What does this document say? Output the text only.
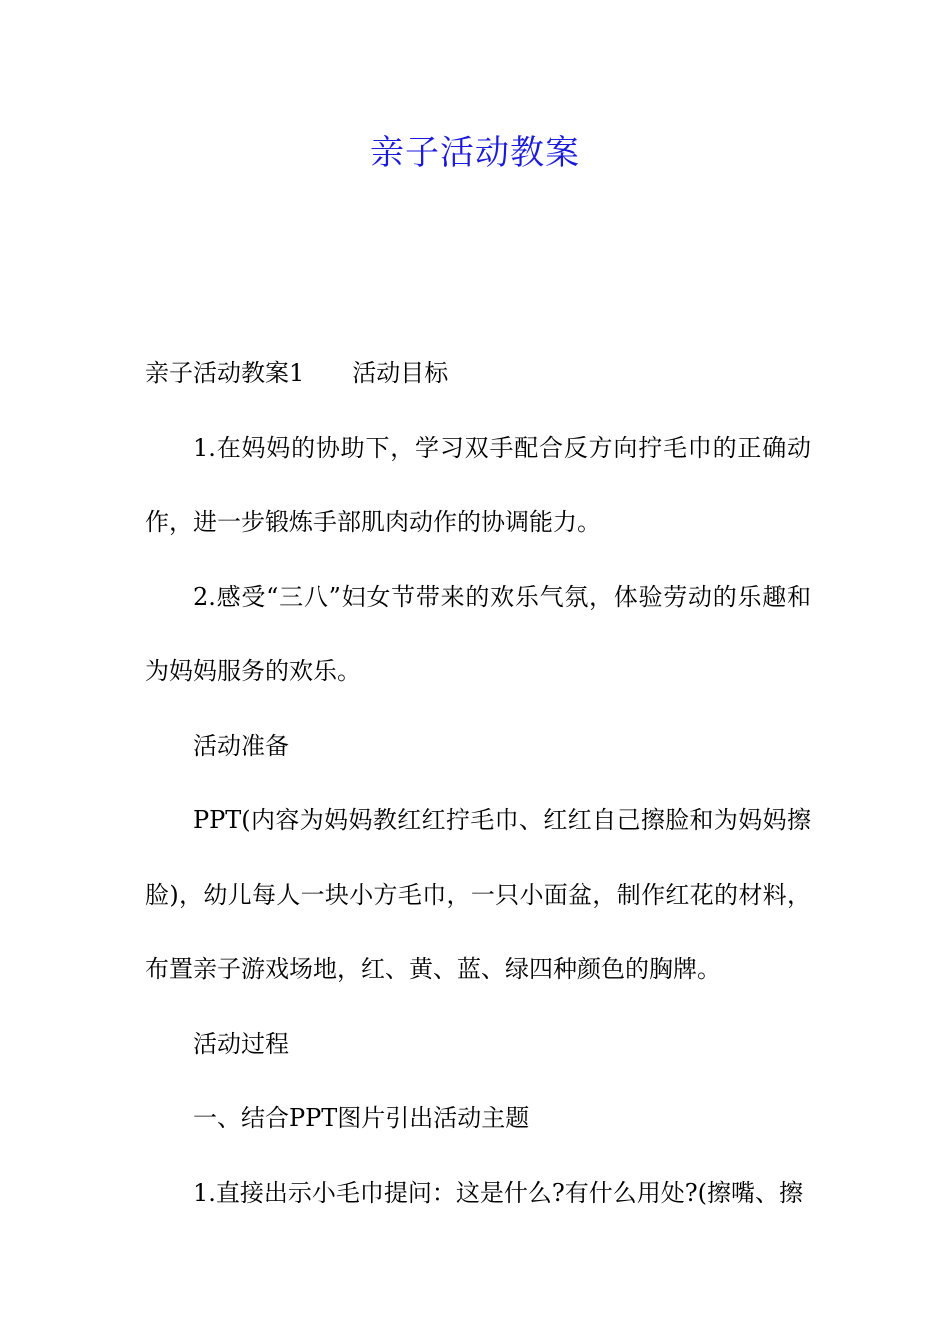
亲子活动教案

亲子活动教案1 活动目标

1.在妈妈的协助下，学习双手配合反方向拧毛巾的正确动作，进一步锻炼手部肌肉动作的协调能力。

2.感受“三八”妇女节带来的欢乐气氛，体验劳动的乐趣和为妈妈服务的欢乐。

活动准备

PPT(内容为妈妈教红红拧毛巾、红红自己擦脸和为妈妈擦脸)，幼儿每人一块小方毛巾，一只小面盆，制作红花的材料，布置亲子游戏场地，红、黄、蓝、绿四种颜色的胸牌。

活动过程

一、结合PPT图片引出活动主题

1.直接出示小毛巾提问：这是什么?有什么用处?(擦嘴、擦
